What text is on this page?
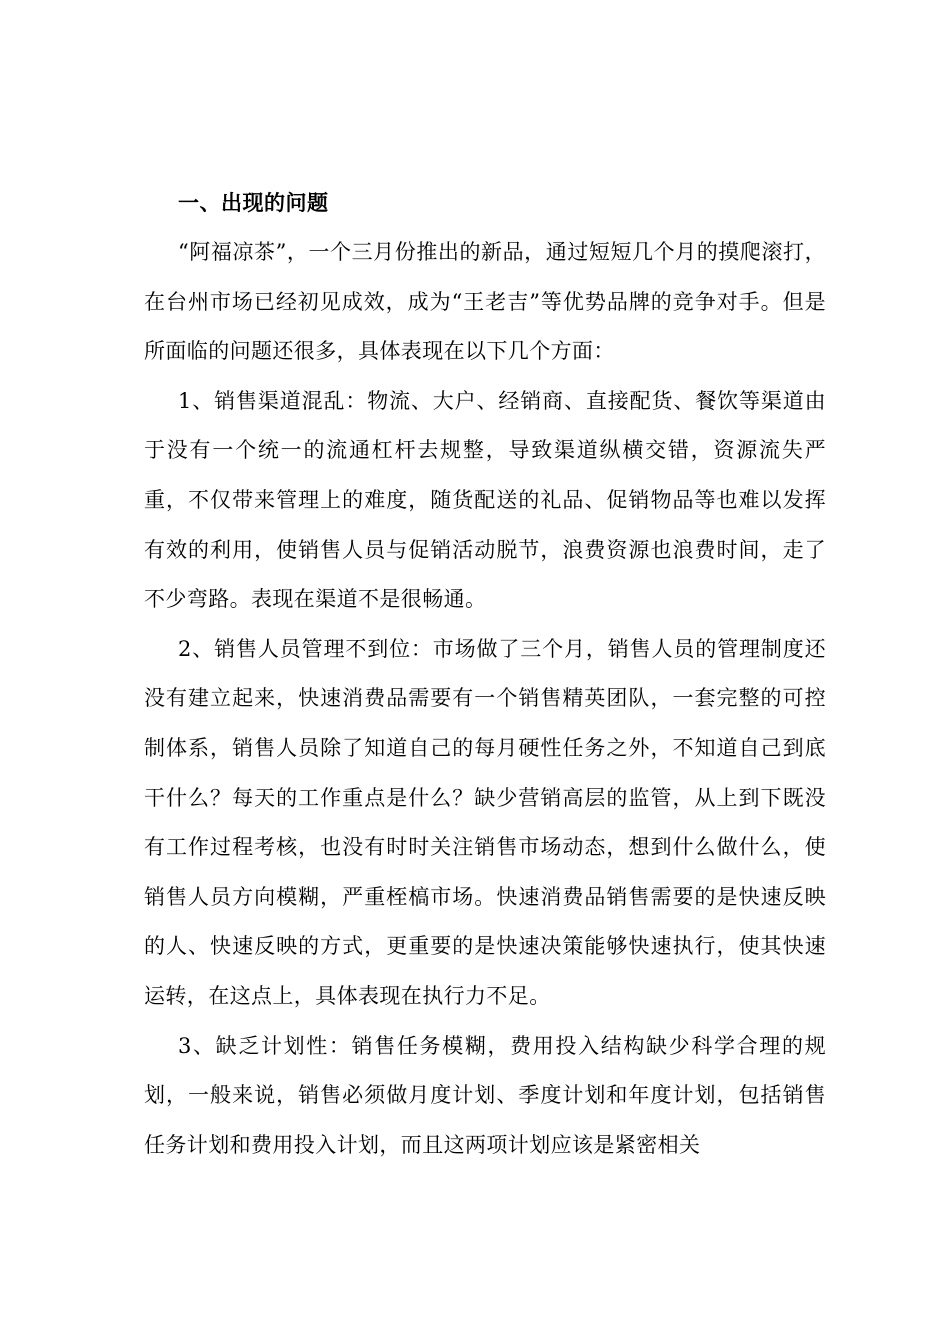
一、出现的问题

“阿福凉茶”，一个三月份推出的新品，通过短短几个月的摸爬滚打，在台州市场已经初见成效，成为“王老吉”等优势品牌的竞争对手。但是所面临的问题还很多，具体表现在以下几个方面：

1、销售渠道混乱：物流、大户、经销商、直接配货、餐饮等渠道由于没有一个统一的流通杠杆去规整，导致渠道纵横交错，资源流失严重，不仅带来管理上的难度，随货配送的礼品、促销物品等也难以发挥有效的利用，使销售人员与促销活动脱节，浪费资源也浪费时间，走了不少弯路。表现在渠道不是很畅通。

2、销售人员管理不到位：市场做了三个月，销售人员的管理制度还没有建立起来，快速消费品需要有一个销售精英团队，一套完整的可控制体系，销售人员除了知道自己的每月硬性任务之外，不知道自己到底干什么？每天的工作重点是什么？缺少营销高层的监管，从上到下既没有工作过程考核，也没有时时关注销售市场动态，想到什么做什么，使销售人员方向模糊，严重桎槁市场。快速消费品销售需要的是快速反映的人、快速反映的方式，更重要的是快速决策能够快速执行，使其快速运转，在这点上，具体表现在执行力不足。

3、缺乏计划性：销售任务模糊，费用投入结构缺少科学合理的规划，一般来说，销售必须做月度计划、季度计划和年度计划，包括销售任务计划和费用投入计划，而且这两项计划应该是紧密相关
